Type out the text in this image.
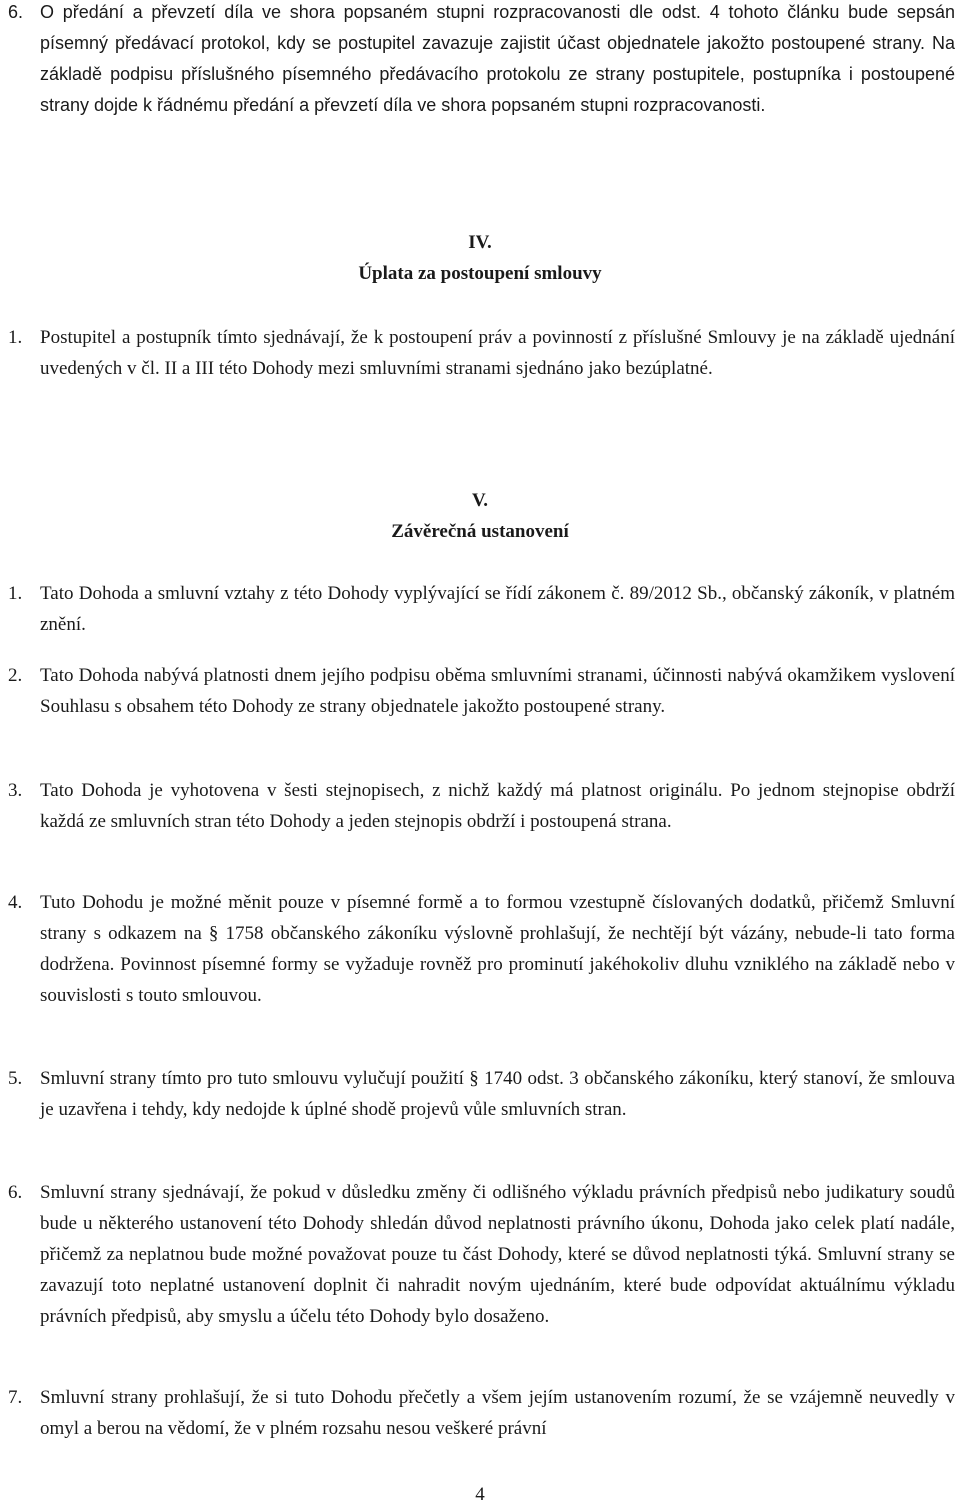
6. O předání a převzetí díla ve shora popsaném stupni rozpracovanosti dle odst. 4 tohoto článku bude sepsán písemný předávací protokol, kdy se postupitel zavazuje zajistit účast objednatele jakožto postoupené strany. Na základě podpisu příslušného písemného předávacího protokolu ze strany postupitele, postupníka i postoupené strany dojde k řádnému předání a převzetí díla ve shora popsaném stupni rozpracovanosti.

IV.

Úplata za postoupení smlouvy

1. Postupitel a postupník tímto sjednávají, že k postoupení práv a povinností z příslušné Smlouvy je na základě ujednání uvedených v čl. II a III této Dohody mezi smluvními stranami sjednáno jako bezúplatné.

V.

Závěrečná ustanovení

1. Tato Dohoda a smluvní vztahy z této Dohody vyplývající se řídí zákonem č. 89/2012 Sb., občanský zákoník, v platném znění.

2. Tato Dohoda nabývá platnosti dnem jejího podpisu oběma smluvními stranami, účinnosti nabývá okamžikem vyslovení Souhlasu s obsahem této Dohody ze strany objednatele jakožto postoupené strany.

3. Tato Dohoda je vyhotovena v šesti stejnopisech, z nichž každý má platnost originálu. Po jednom stejnopise obdrží každá ze smluvních stran této Dohody a jeden stejnopis obdrží i postoupená strana.

4. Tuto Dohodu je možné měnit pouze v písemné formě a to formou vzestupně číslovaných dodatků, přičemž Smluvní strany s odkazem na § 1758 občanského zákoníku výslovně prohlašují, že nechtějí být vázány, nebude-li tato forma dodržena. Povinnost písemné formy se vyžaduje rovněž pro prominutí jakéhokoliv dluhu vzniklého na základě nebo v souvislosti s touto smlouvou.

5. Smluvní strany tímto pro tuto smlouvu vylučují použití § 1740 odst. 3 občanského zákoníku, který stanoví, že smlouva je uzavřena i tehdy, kdy nedojde k úplné shodě projevů vůle smluvních stran.

6. Smluvní strany sjednávají, že pokud v důsledku změny či odlišného výkladu právních předpisů nebo judikatury soudů bude u některého ustanovení této Dohody shledán důvod neplatnosti právního úkonu, Dohoda jako celek platí nadále, přičemž za neplatnou bude možné považovat pouze tu část Dohody, které se důvod neplatnosti týká. Smluvní strany se zavazují toto neplatné ustanovení doplnit či nahradit novým ujednáním, které bude odpovídat aktuálnímu výkladu právních předpisů, aby smyslu a účelu této Dohody bylo dosaženo.

7. Smluvní strany prohlašují, že si tuto Dohodu přečetly a všem jejím ustanovením rozumí, že se vzájemně neuvedly v omyl a berou na vědomí, že v plném rozsahu nesou veškeré právní

4
